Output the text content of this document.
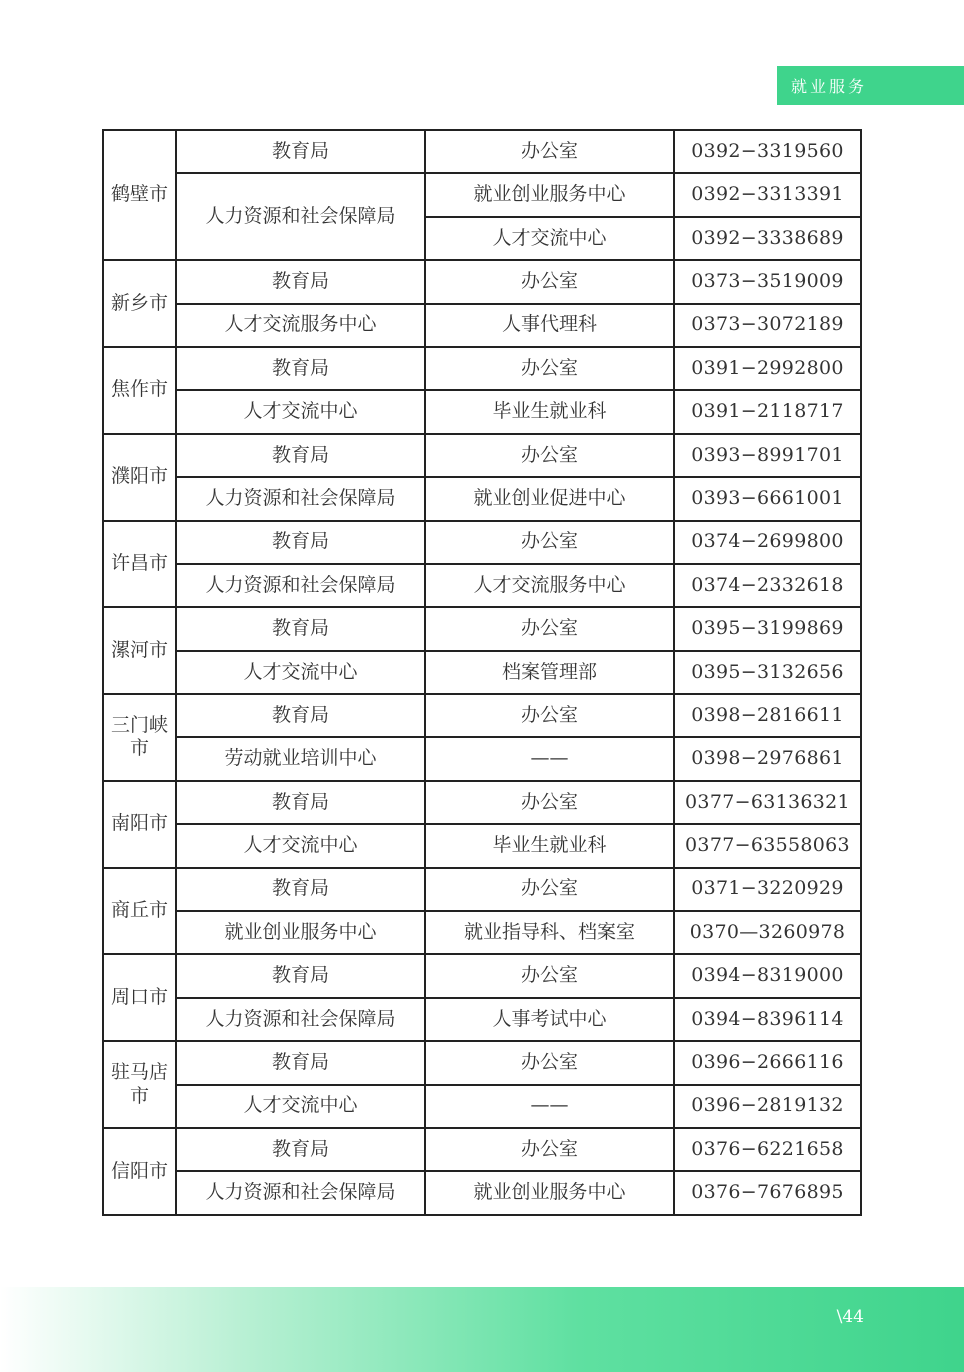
就业服务
鹤壁市	教育局	办公室	0392−3319560
	人力资源和社会保障局	就业创业服务中心	0392−3313391
		人才交流中心	0392−3338689
新乡市	教育局	办公室	0373−3519009
	人才交流服务中心	人事代理科	0373−3072189
焦作市	教育局	办公室	0391−2992800
	人才交流中心	毕业生就业科	0391−2118717
濮阳市	教育局	办公室	0393−8991701
	人力资源和社会保障局	就业创业促进中心	0393−6661001
许昌市	教育局	办公室	0374−2699800
	人力资源和社会保障局	人才交流服务中心	0374−2332618
漯河市	教育局	办公室	0395−3199869
	人才交流中心	档案管理部	0395−3132656
三门峡市	教育局	办公室	0398−2816611
	劳动就业培训中心	——	0398−2976861
南阳市	教育局	办公室	0377−63136321
	人才交流中心	毕业生就业科	0377−63558063
商丘市	教育局	办公室	0371−3220929
	就业创业服务中心	就业指导科、档案室	0370—3260978
周口市	教育局	办公室	0394−8319000
	人力资源和社会保障局	人事考试中心	0394−8396114
驻马店市	教育局	办公室	0396−2666116
	人才交流中心	——	0396−2819132
信阳市	教育局	办公室	0376−6221658
	人力资源和社会保障局	就业创业服务中心	0376−7676895
\44
